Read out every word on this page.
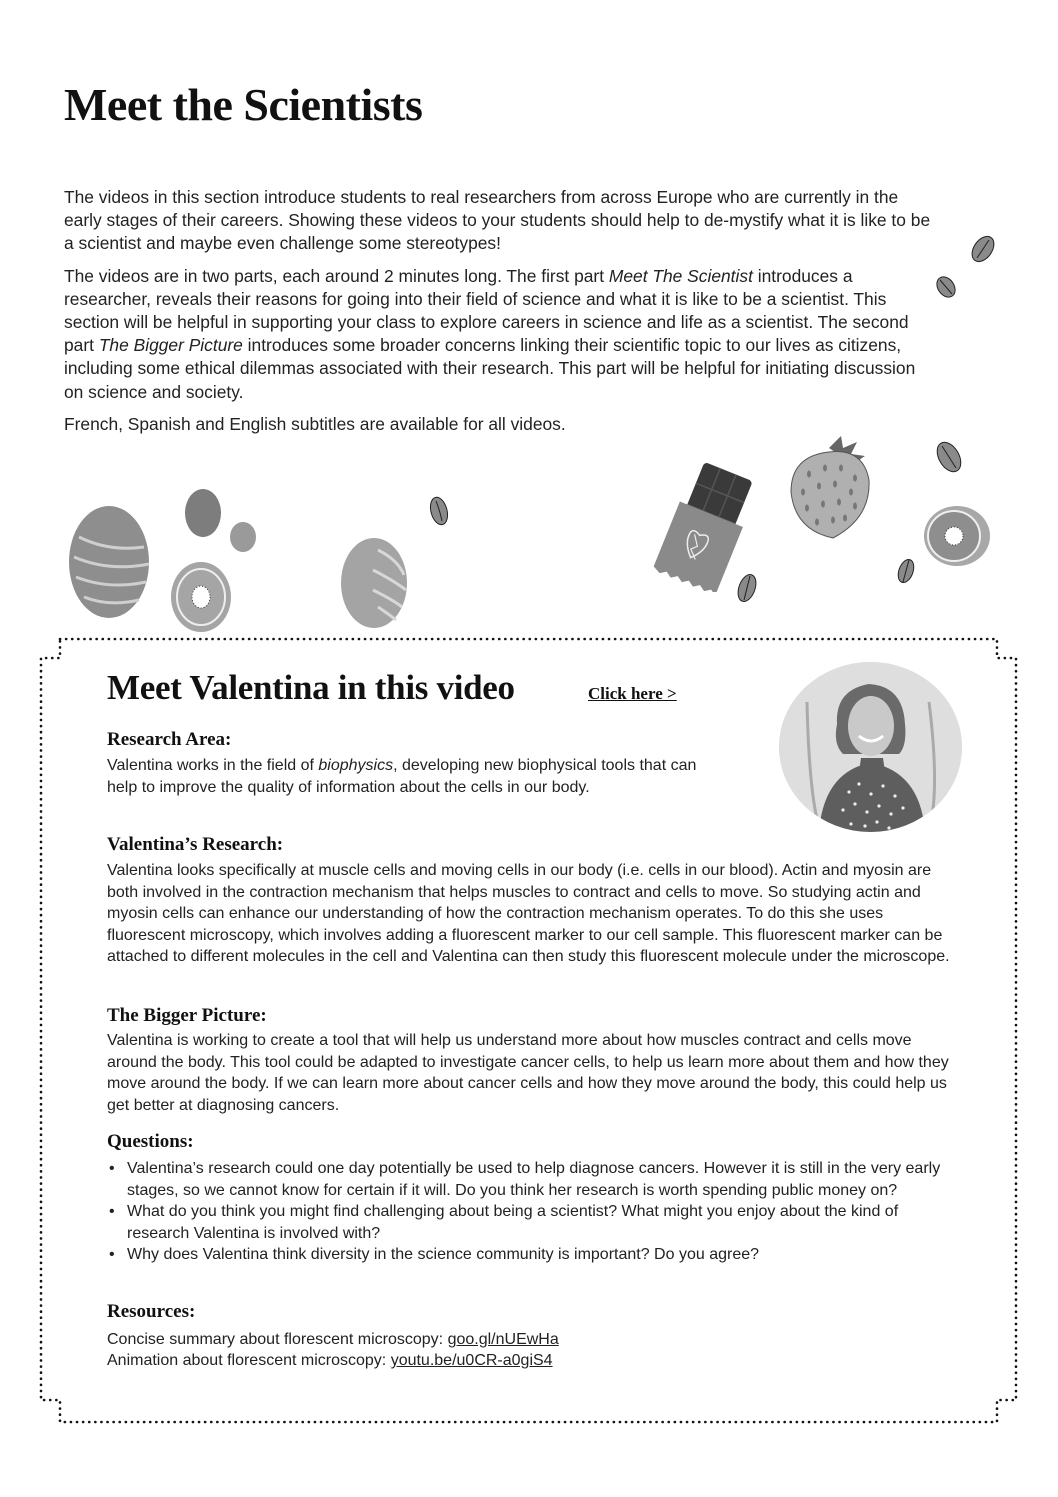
Meet the Scientists

The videos in this section introduce students to real researchers from across Europe who are currently in the early stages of their careers. Showing these videos to your students should help to de-mystify what it is like to be a scientist and maybe even challenge some stereotypes!

The videos are in two parts, each around 2 minutes long. The first part Meet The Scientist introduces a researcher, reveals their reasons for going into their field of science and what it is like to be a scientist. This section will be helpful in supporting your class to explore careers in science and life as a scientist. The second part The Bigger Picture introduces some broader concerns linking their scientific topic to our lives as citizens, including some ethical dilemmas associated with their research. This part will be helpful for initiating discussion on science and society.

French, Spanish and English subtitles are available for all videos.

Meet Valentina in this video	Click here >
Research Area:

Valentina works in the field of biophysics, developing new biophysical tools that can help to improve the quality of information about the cells in our body.

Valentina’s Research:

Valentina looks specifically at muscle cells and moving cells in our body (i.e. cells in our blood). Actin and myosin are both involved in the contraction mechanism that helps muscles to contract and cells to move. So studying actin and myosin cells can enhance our understanding of how the contraction mechanism operates. To do this she uses fluorescent microscopy, which involves adding a fluorescent marker to our cell sample. This fluorescent marker can be attached to different molecules in the cell and Valentina can then study this fluorescent molecule under the microscope.

The Bigger Picture:

Valentina is working to create a tool that will help us understand more about how muscles contract and cells move around the body. This tool could be adapted to investigate cancer cells, to help us learn more about them and how they move around the body. If we can learn more about cancer cells and how they move around the body, this could help us get better at diagnosing cancers.

Questions:
• Valentina’s research could one day potentially be used to help diagnose cancers. However it is still in the very early stages, so we cannot know for certain if it will. Do you think her research is worth spending public money on?
• What do you think you might find challenging about being a scientist? What might you enjoy about the kind of research Valentina is involved with?
• Why does Valentina think diversity in the science community is important? Do you agree?
Resources:
Concise summary about florescent microscopy: goo.gl/nUEwHa
Animation about florescent microscopy: youtu.be/u0CR-a0giS4
